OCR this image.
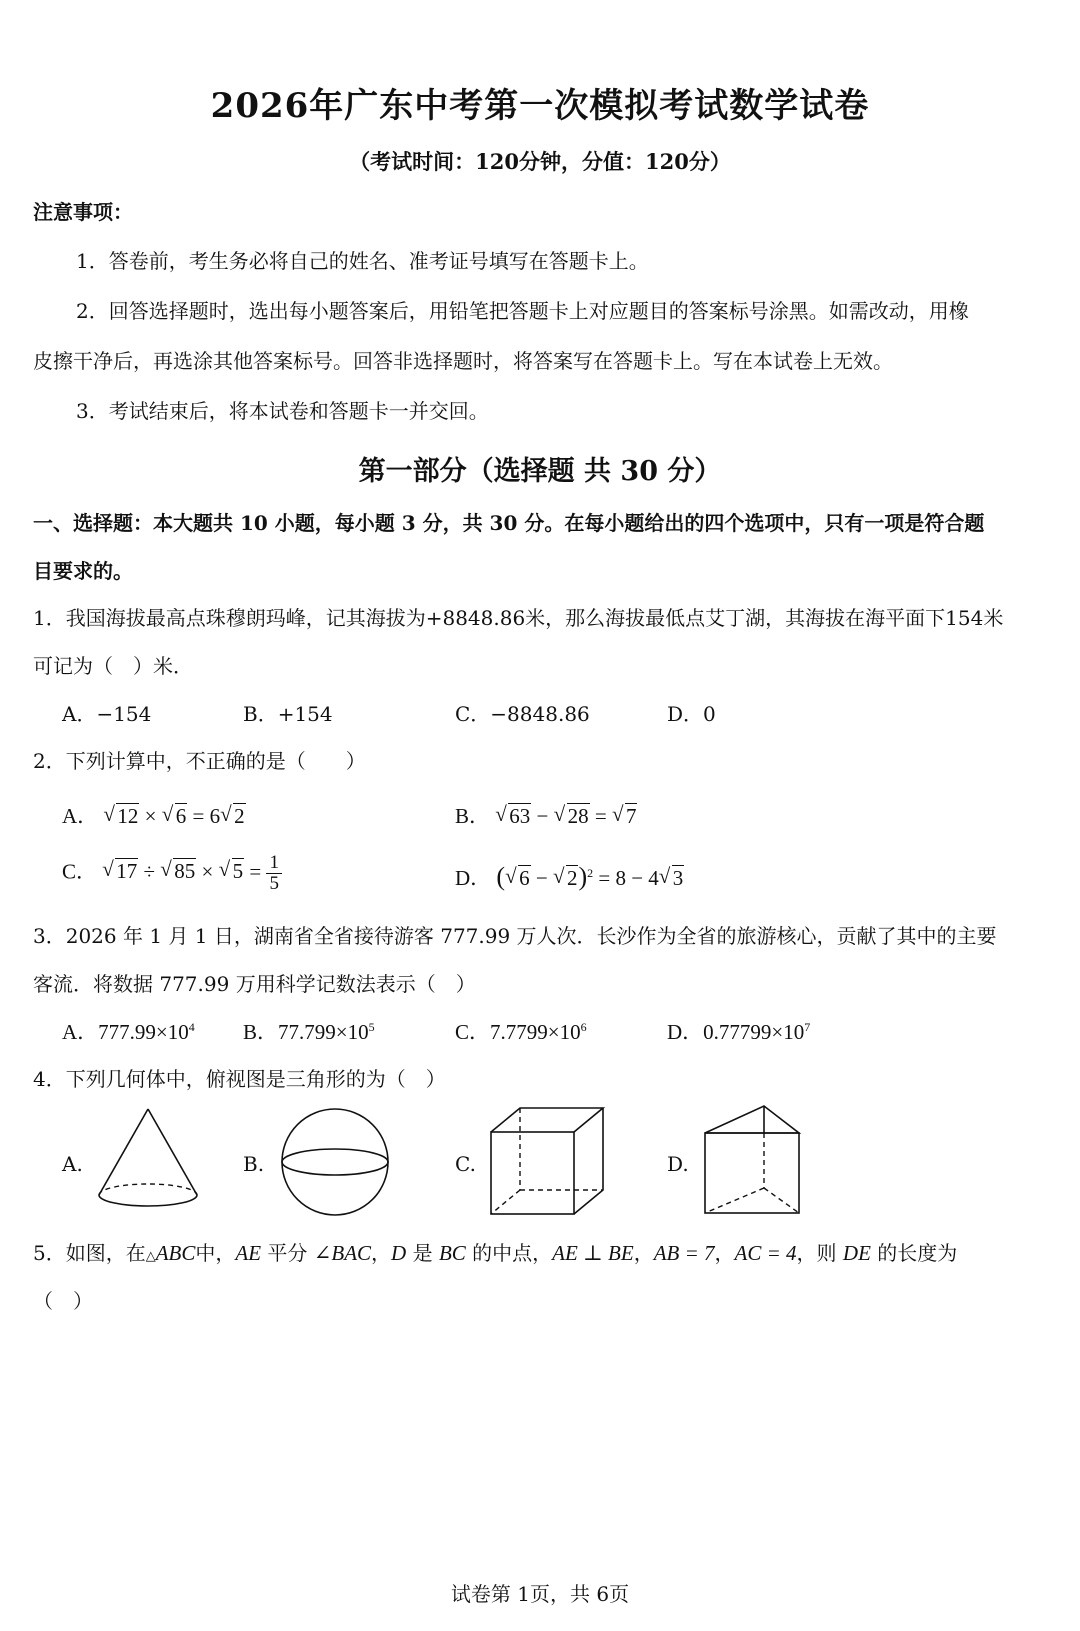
2026年广东中考第一次模拟考试数学试卷
（考试时间：120分钟，分值：120分）
注意事项：
1．答卷前，考生务必将自己的姓名、准考证号填写在答题卡上。
2．回答选择题时，选出每小题答案后，用铅笔把答题卡上对应题目的答案标号涂黑。如需改动，用橡
皮擦干净后，再选涂其他答案标号。回答非选择题时，将答案写在答题卡上。写在本试卷上无效。
3．考试结束后，将本试卷和答题卡一并交回。
第一部分（选择题 共 30 分）
一、选择题：本大题共 10 小题，每小题 3 分，共 30 分。在每小题给出的四个选项中，只有一项是符合题
目要求的。
1．我国海拔最高点珠穆朗玛峰，记其海拔为+8848.86米，那么海拔最低点艾丁湖，其海拔在海平面下154米
可记为（　）米．
A．−154	B．+154	C．−8848.86	D．0
2．下列计算中，不正确的是（　　）
A． √ 12 × √ 6 = 6 √ 2	B． √ 63 − √ 28 = √ 7
C． √ 17 ÷ √ 85 × √ $5 = \frac{1}{5}$	D． ( √ 6 − √ 2)$^2$ = 8 − 4 √ 3
3．2026 年 1 月 1 日，湖南省全省接待游客 777.99 万人次．长沙作为全省的旅游核心，贡献了其中的主要
客流．将数据 777.99 万用科学记数法表示（　）
A．$777.99\times 10^4$ B．$77.799\times 10^5$	C．$7.7799\times 10^6$	D．$0.77799\times 10^7$
4．下列几何体中，俯视图是三角形的为（　）
A.	B.	C.	D.
5．如图，在△ABC中，AE 平分 ∠BAC，D 是 BC 的中点，AE ⊥ BE，AB = 7，AC = 4，则 DE 的长度为
（　）
试卷第 1页，共 6页
